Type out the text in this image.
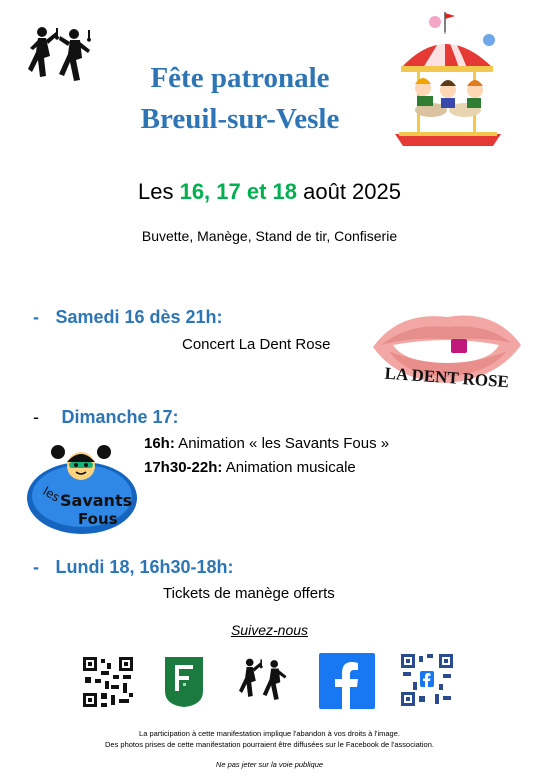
Fête patronale
Breuil-sur-Vesle
Les 16, 17 et 18 août 2025
Buvette, Manège, Stand de tir, Confiserie
- Samedi 16 dès 21h:
Concert La Dent Rose
LA DENT ROSE
- Dimanche 17:
16h: Animation « les Savants Fous »
17h30-22h: Animation musicale
les
Savants
Fous
- Lundi 18, 16h30-18h:
Tickets de manège offerts
Suivez-nous
La participation à cette manifestation implique l'abandon à vos droits à l'image.
Des photos prises de cette manifestation pourraient être diffusées sur le Facebook de l'association.
Ne pas jeter sur la voie publique
